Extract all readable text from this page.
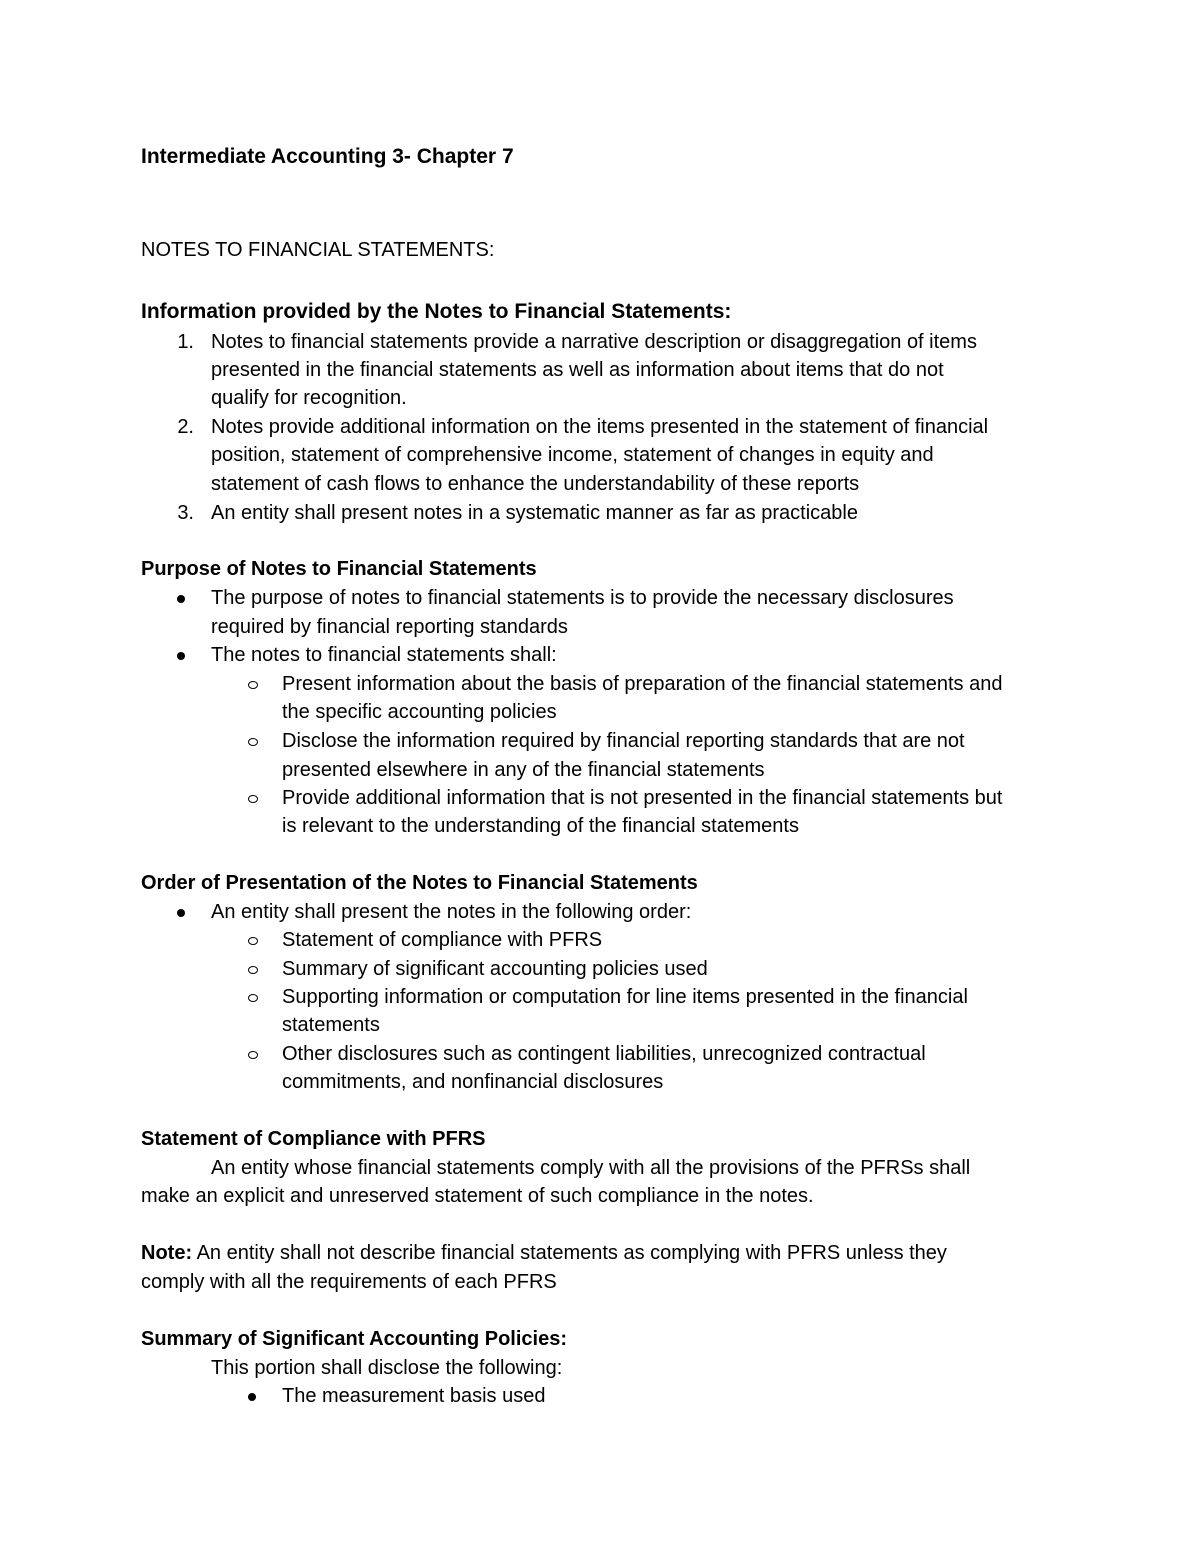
Intermediate Accounting 3- Chapter 7
NOTES TO FINANCIAL STATEMENTS:
Information provided by the Notes to Financial Statements:
1. Notes to financial statements provide a narrative description or disaggregation of items
presented in the financial statements as well as information about items that do not
qualify for recognition.
2. Notes provide additional information on the items presented in the statement of financial
position, statement of comprehensive income, statement of changes in equity and
statement of cash flows to enhance the understandability of these reports
3. An entity shall present notes in a systematic manner as far as practicable
Purpose of Notes to Financial Statements
The purpose of notes to financial statements is to provide the necessary disclosures
required by financial reporting standards
The notes to financial statements shall:
Present information about the basis of preparation of the financial statements and
the specific accounting policies
Disclose the information required by financial reporting standards that are not
presented elsewhere in any of the financial statements
Provide additional information that is not presented in the financial statements but
is relevant to the understanding of the financial statements
Order of Presentation of the Notes to Financial Statements
An entity shall present the notes in the following order:
Statement of compliance with PFRS
Summary of significant accounting policies used
Supporting information or computation for line items presented in the financial
statements
Other disclosures such as contingent liabilities, unrecognized contractual
commitments, and nonfinancial disclosures
Statement of Compliance with PFRS
An entity whose financial statements comply with all the provisions of the PFRSs shall
make an explicit and unreserved statement of such compliance in the notes.
Note: An entity shall not describe financial statements as complying with PFRS unless they
comply with all the requirements of each PFRS
Summary of Significant Accounting Policies:
This portion shall disclose the following:
The measurement basis used
